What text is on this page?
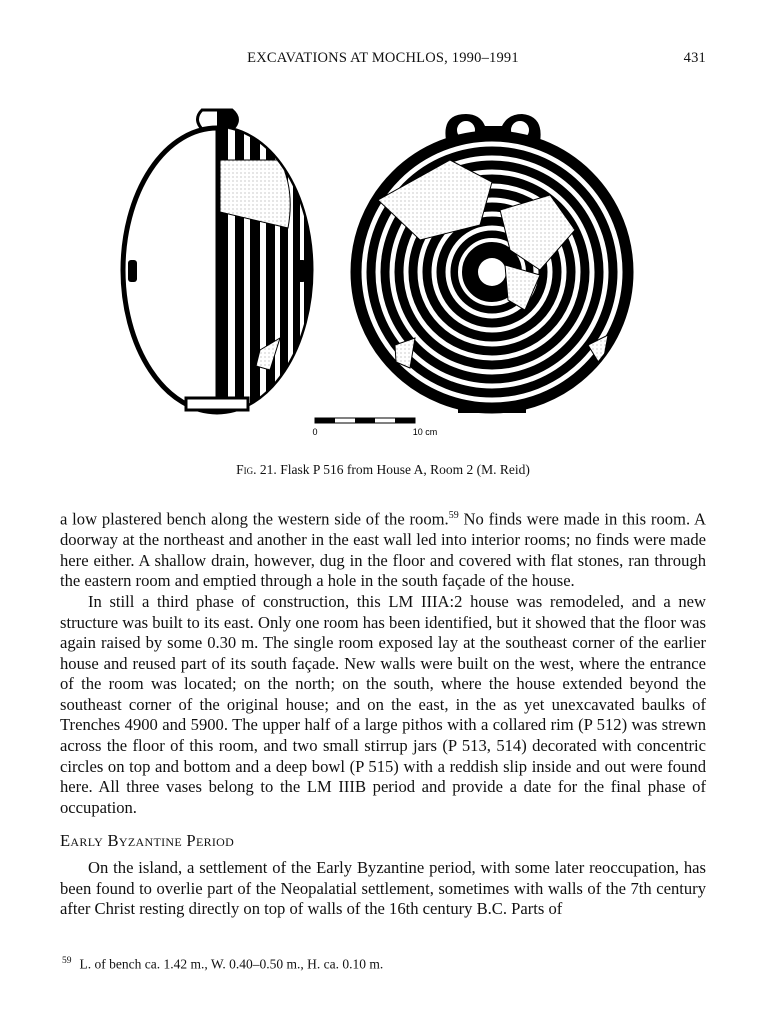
EXCAVATIONS AT MOCHLOS, 1990–1991	431
0	10 cm
Fig. 21. Flask P 516 from House A, Room 2 (M. Reid)

a low plastered bench along the western side of the room.$^{59}$ No finds were made in this room. A doorway at the northeast and another in the east wall led into interior rooms; no finds were made here either. A shallow drain, however, dug in the floor and covered with flat stones, ran through the eastern room and emptied through a hole in the south façade of the house.

In still a third phase of construction, this LM IIIA:2 house was remodeled, and a new structure was built to its east. Only one room has been identified, but it showed that the floor was again raised by some 0.30 m. The single room exposed lay at the southeast corner of the earlier house and reused part of its south façade. New walls were built on the west, where the entrance of the room was located; on the north; on the south, where the house extended beyond the southeast corner of the original house; and on the east, in the as yet unexcavated baulks of Trenches 4900 and 5900. The upper half of a large pithos with a collared rim (P 512) was strewn across the floor of this room, and two small stirrup jars (P 513, 514) decorated with concentric circles on top and bottom and a deep bowl (P 515) with a reddish slip inside and out were found here. All three vases belong to the LM IIIB period and provide a date for the final phase of occupation.

Early Byzantine Period

On the island, a settlement of the Early Byzantine period, with some later reoccupation, has been found to overlie part of the Neopalatial settlement, sometimes with walls of the 7th century after Christ resting directly on top of walls of the 16th century B.C. Parts of

$^{59}$ L. of bench ca. 1.42 m., W. 0.40–0.50 m., H. ca. 0.10 m.
